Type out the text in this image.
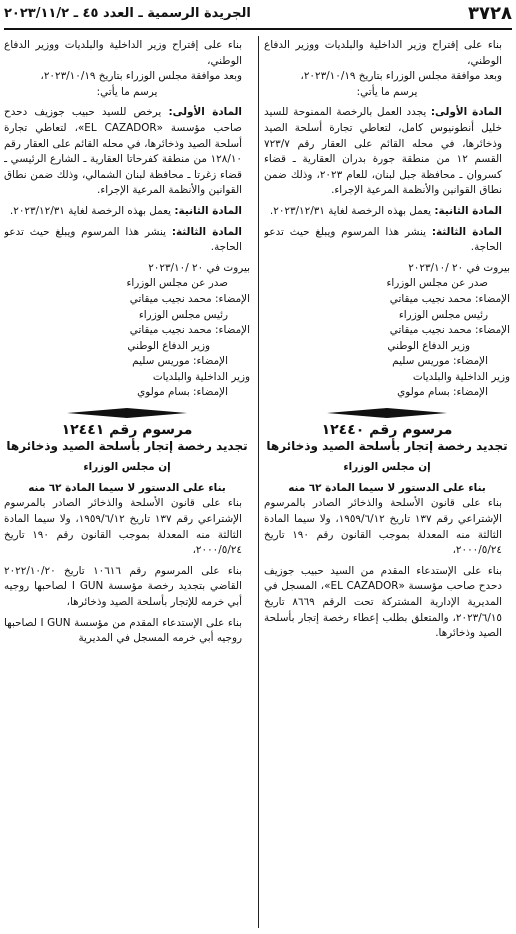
٣٧٢٨
الجريدة الرسمية ـ العدد ٤٥ ـ ٢٠٢٣/١١/٢

بناء على إقتراح وزير الداخلية والبلديات ووزير الدفاع الوطني،

وبعد موافقة مجلس الوزراء بتاريخ ٢٠٢٣/١٠/١٩،

يرسم ما يأتي:

المادة الأولى: يجدد العمل بالرخصة الممنوحة للسيد خليل أنطونيوس كامل، لتعاطي تجارة أسلحة الصيد وذخائرها، في محله القائم على العقار رقم ٧٢٣/٧ القسم ١٢ من منطقة جورة بدران العقارية ـ قضاء كسروان ـ محافظة جبل لبنان، للعام ٢٠٢٣، وذلك ضمن نطاق القوانين والأنظمة المرعية الإجراء.

المادة الثانية: يعمل بهذه الرخصة لغاية ٢٠٢٣/١٢/٣١.

المادة الثالثة: ينشر هذا المرسوم ويبلغ حيث تدعو الحاجة.

بيروت في ٢٠ /٢٠٢٣/١٠

صدر عن مجلس الوزراء

الإمضاء: محمد نجيب ميقاتي

رئيس مجلس الوزراء

الإمضاء: محمد نجيب ميقاتي

وزير الدفاع الوطني

الإمضاء: موريس سليم

وزير الداخلية والبلديات

الإمضاء: بسام مولوي

مرسوم رقم ١٢٤٤٠

تجديد رخصة إتجار بأسلحة الصيد وذخائرها

إن مجلس الوزراء

بناء على الدستور لا سيما المادة ٦٢ منه

بناء على قانون الأسلحة والذخائر الصادر بالمرسوم الإشتراعي رقم ١٣٧ تاريخ ١٩٥٩/٦/١٢، ولا سيما المادة الثالثة منه المعدلة بموجب القانون رقم ١٩٠ تاريخ ٢٠٠٠/٥/٢٤،

بناء على الإستدعاء المقدم من السيد حبيب جوزيف دحدح صاحب مؤسسة «EL CAZADOR»، المسجل في المديرية الإدارية المشتركة تحت الرقم ٨٦٦٩ تاريخ ٢٠٢٣/٦/١٥، والمتعلق بطلب إعطاء رخصة إتجار بأسلحة الصيد وذخائرها.

بناء على إقتراح وزير الداخلية والبلديات ووزير الدفاع الوطني،

وبعد موافقة مجلس الوزراء بتاريخ ٢٠٢٣/١٠/١٩،

يرسم ما يأتي:

المادة الأولى: يرخص للسيد حبيب جوزيف دحدح صاحب مؤسسة «EL CAZADOR»، لتعاطي تجارة أسلحة الصيد وذخائرها، في محله القائم على العقار رقم ١٢٨/١٠ من منطقة كفرحاتا العقارية ـ الشارع الرئيسي ـ قضاء زغرتا ـ محافظة لبنان الشمالي، وذلك ضمن نطاق القوانين والأنظمة المرعية الإجراء.

المادة الثانية: يعمل بهذه الرخصة لغاية ٢٠٢٣/١٢/٣١.

المادة الثالثة: ينشر هذا المرسوم ويبلغ حيث تدعو الحاجة.

بيروت في ٢٠ /٢٠٢٣/١٠

صدر عن مجلس الوزراء

الإمضاء: محمد نجيب ميقاتي

رئيس مجلس الوزراء

الإمضاء: محمد نجيب ميقاتي

وزير الدفاع الوطني

الإمضاء: موريس سليم

وزير الداخلية والبلديات

الإمضاء: بسام مولوي

مرسوم رقم ١٢٤٤١

تجديد رخصة إتجار بأسلحة الصيد وذخائرها

إن مجلس الوزراء

بناء على الدستور لا سيما المادة ٦٢ منه

بناء على قانون الأسلحة والذخائر الصادر بالمرسوم الإشتراعي رقم ١٣٧ تاريخ ١٩٥٩/٦/١٢، ولا سيما المادة الثالثة منه المعدلة بموجب القانون رقم ١٩٠ تاريخ ٢٠٠٠/٥/٢٤،

بناء على المرسوم رقم ١٠٦١٦ تاريخ ٢٠٢٢/١٠/٢٠ القاضي بتجديد رخصة مؤسسة I GUN لصاحبها روجيه أبي خرمه للإتجار بأسلحة الصيد وذخائرها،

بناء على الإستدعاء المقدم من مؤسسة I GUN لصاحبها روجيه أبي خرمه المسجل في المديرية
